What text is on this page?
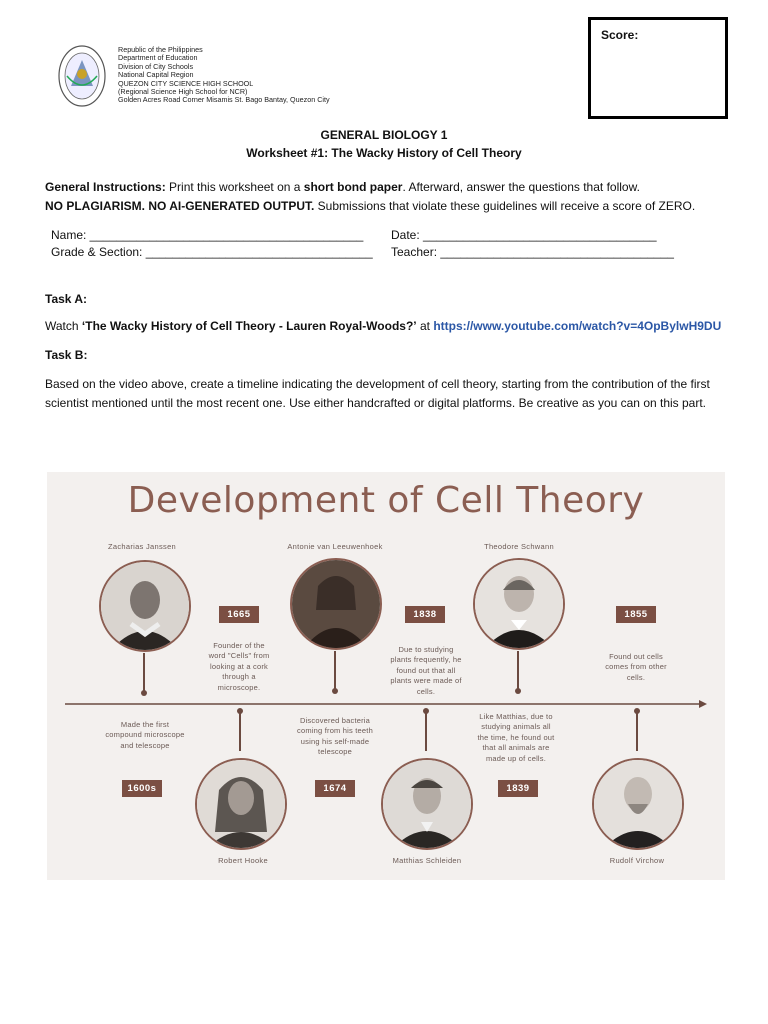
Republic of the Philippines
Department of Education
Division of City Schools
National Capital Region
QUEZON CITY SCIENCE HIGH SCHOOL
(Regional Science High School for NCR)
Golden Acres Road Corner Misamis St. Bago Bantay, Quezon City
Score:
GENERAL BIOLOGY 1
Worksheet #1: The Wacky History of Cell Theory
General Instructions: Print this worksheet on a short bond paper. Afterward, answer the questions that follow.
NO PLAGIARISM. NO AI-GENERATED OUTPUT. Submissions that violate these guidelines will receive a score of ZERO.
Name: _________________________________________ Date: ___________________________________
Grade & Section: __________________________________ Teacher: ___________________________________
Task A:
Watch ‘The Wacky History of Cell Theory - Lauren Royal-Woods?’ at https://www.youtube.com/watch?v=4OpBylwH9DU
Task B:
Based on the video above, create a timeline indicating the development of cell theory, starting from the contribution of the first scientist mentioned until the most recent one. Use either handcrafted or digital platforms. Be creative as you can on this part.
Development of Cell Theory
Zacharias Janssen
1665
Founder of the word "Cells" from looking at a cork through a microscope.
Antonie van Leeuwenhoek
1838
Due to studying plants frequently, he found out that all plants were made of cells.
Theodore Schwann
1855
Found out cells comes from other cells.
Made the first compound microscope and telescope
1600s
Robert Hooke
Discovered bacteria coming from his teeth using his self-made telescope
1674
Matthias Schleiden
Like Matthias, due to studying animals all the time, he found out that all animals are made up of cells.
1839
Rudolf Virchow
